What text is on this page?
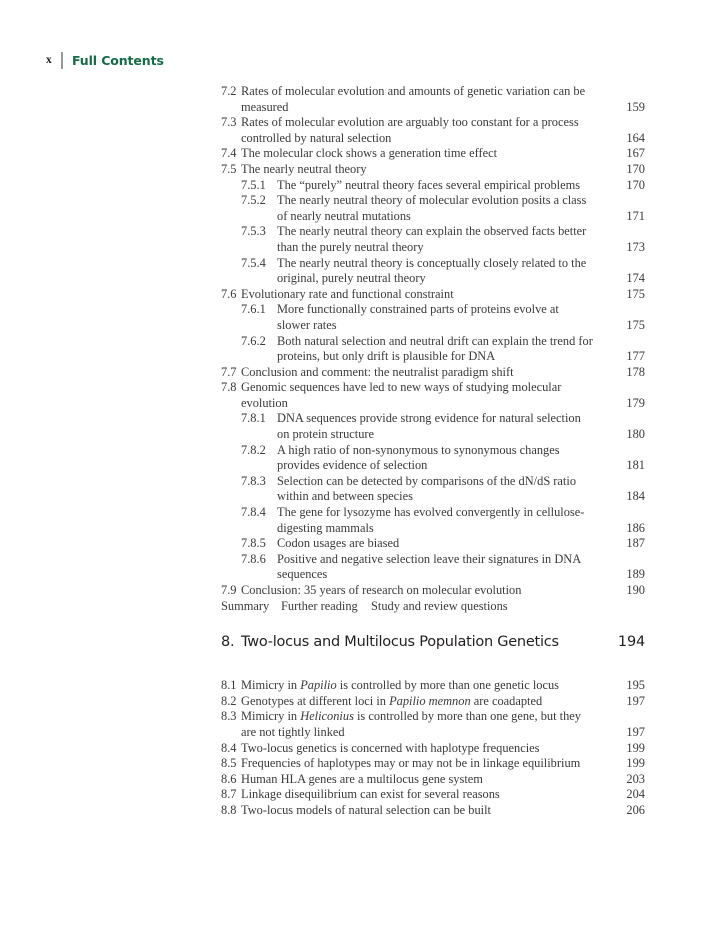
x	Full Contents
7.2 Rates of molecular evolution and amounts of genetic variation can be measured	159
7.3 Rates of molecular evolution are arguably too constant for a process controlled by natural selection	164
7.4 The molecular clock shows a generation time effect	167
7.5 The nearly neutral theory	170
7.5.1 The “purely” neutral theory faces several empirical problems	170
7.5.2 The nearly neutral theory of molecular evolution posits a class of nearly neutral mutations	171
7.5.3 The nearly neutral theory can explain the observed facts better than the purely neutral theory	173
7.5.4 The nearly neutral theory is conceptually closely related to the original, purely neutral theory	174
7.6 Evolutionary rate and functional constraint	175
7.6.1 More functionally constrained parts of proteins evolve at slower rates	175
7.6.2 Both natural selection and neutral drift can explain the trend for proteins, but only drift is plausible for DNA	177
7.7 Conclusion and comment: the neutralist paradigm shift	178
7.8 Genomic sequences have led to new ways of studying molecular evolution	179
7.8.1 DNA sequences provide strong evidence for natural selection on protein structure	180
7.8.2 A high ratio of non-synonymous to synonymous changes provides evidence of selection	181
7.8.3 Selection can be detected by comparisons of the dN/dS ratio within and between species	184
7.8.4 The gene for lysozyme has evolved convergently in cellulose-digesting mammals	186
7.8.5 Codon usages are biased	187
7.8.6 Positive and negative selection leave their signatures in DNA sequences	189
7.9 Conclusion: 35 years of research on molecular evolution	190
Summary Further reading Study and review questions
8. Two-locus and Multilocus Population Genetics	194
8.1 Mimicry in Papilio is controlled by more than one genetic locus	195
8.2 Genotypes at different loci in Papilio memnon are coadapted	197
8.3 Mimicry in Heliconius is controlled by more than one gene, but they are not tightly linked	197
8.4 Two-locus genetics is concerned with haplotype frequencies	199
8.5 Frequencies of haplotypes may or may not be in linkage equilibrium	199
8.6 Human HLA genes are a multilocus gene system	203
8.7 Linkage disequilibrium can exist for several reasons	204
8.8 Two-locus models of natural selection can be built	206
